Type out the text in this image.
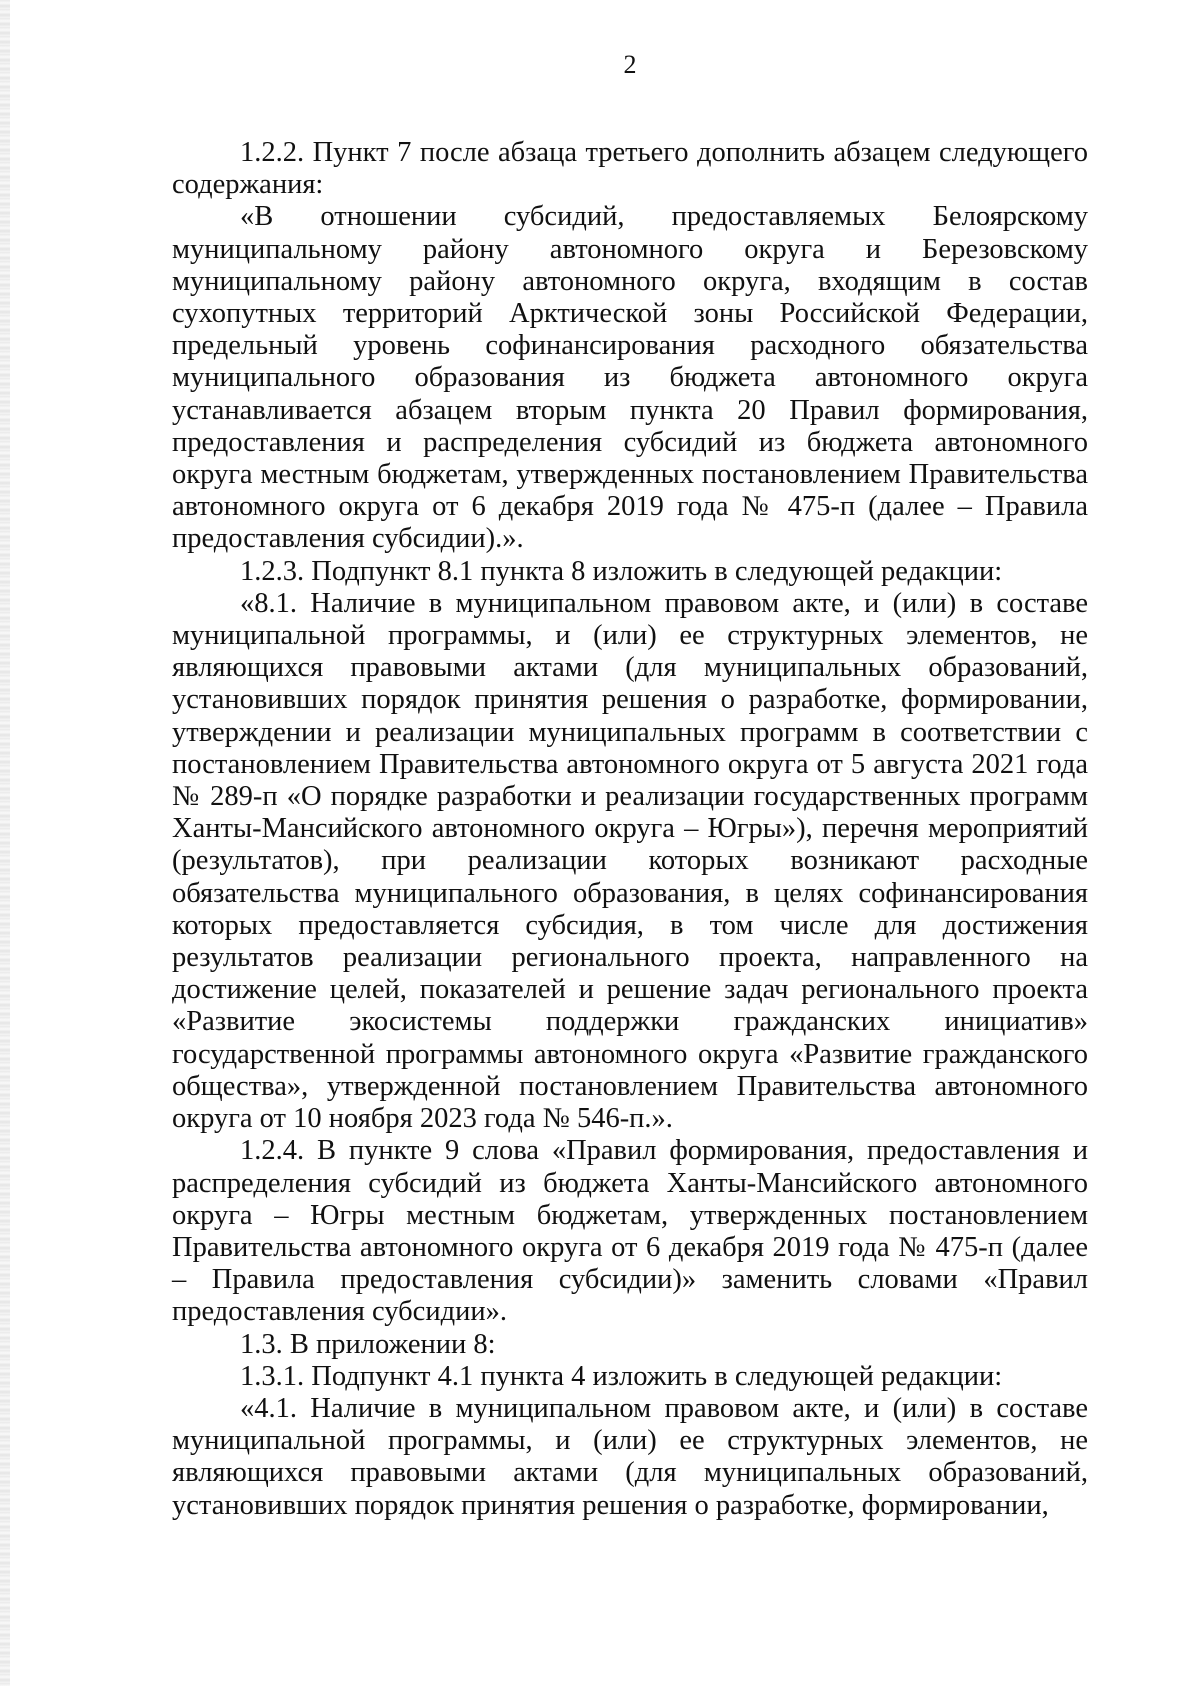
2

1.2.2. Пункт 7 после абзаца третьего дополнить абзацем следующего содержания:

«В отношении субсидий, предоставляемых Белоярскому муниципальному району автономного округа и Березовскому муниципальному району автономного округа, входящим в состав сухопутных территорий Арктической зоны Российской Федерации, предельный уровень софинансирования расходного обязательства муниципального образования из бюджета автономного округа устанавливается абзацем вторым пункта 20 Правил формирования, предоставления и распределения субсидий из бюджета автономного округа местным бюджетам, утвержденных постановлением Правительства автономного округа от 6 декабря 2019 года № 475-п (далее – Правила предоставления субсидии).».

1.2.3. Подпункт 8.1 пункта 8 изложить в следующей редакции:

«8.1. Наличие в муниципальном правовом акте, и (или) в составе муниципальной программы, и (или) ее структурных элементов, не являющихся правовыми актами (для муниципальных образований, установивших порядок принятия решения о разработке, формировании, утверждении и реализации муниципальных программ в соответствии с постановлением Правительства автономного округа от 5 августа 2021 года № 289-п «О порядке разработки и реализации государственных программ Ханты-Мансийского автономного округа – Югры»), перечня мероприятий (результатов), при реализации которых возникают расходные обязательства муниципального образования, в целях софинансирования которых предоставляется субсидия, в том числе для достижения результатов реализации регионального проекта, направленного на достижение целей, показателей и решение задач регионального проекта «Развитие экосистемы поддержки гражданских инициатив» государственной программы автономного округа «Развитие гражданского общества», утвержденной постановлением Правительства автономного округа от 10 ноября 2023 года № 546-п.».

1.2.4. В пункте 9 слова «Правил формирования, предоставления и распределения субсидий из бюджета Ханты-Мансийского автономного округа – Югры местным бюджетам, утвержденных постановлением Правительства автономного округа от 6 декабря 2019 года № 475-п (далее – Правила предоставления субсидии)» заменить словами «Правил предоставления субсидии».

1.3. В приложении 8:

1.3.1. Подпункт 4.1 пункта 4 изложить в следующей редакции:

«4.1. Наличие в муниципальном правовом акте, и (или) в составе муниципальной программы, и (или) ее структурных элементов, не являющихся правовыми актами (для муниципальных образований, установивших порядок принятия решения о разработке, формировании,
